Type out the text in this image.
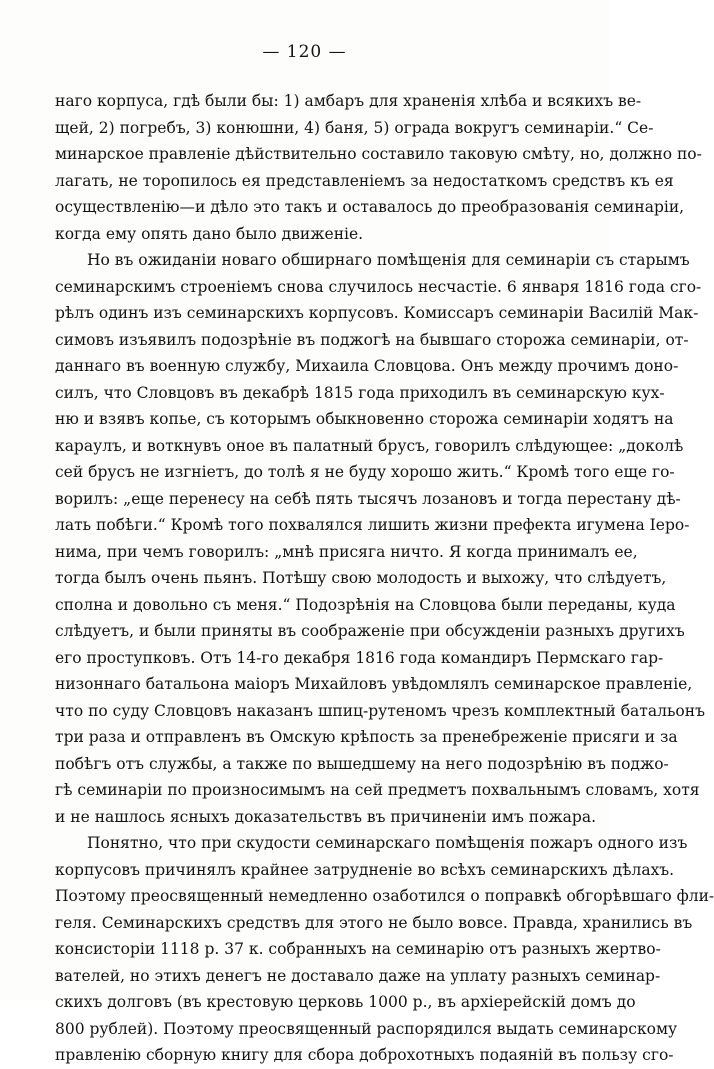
— 120 —
наго корпуса, гдѣ были бы: 1) амбаръ для храненія хлѣба и всякихъ ве-
щей, 2) погребъ, 3) конюшни, 4) баня, 5) ограда вокругъ семинаріи.“ Се-
минарское правленіе дѣйствительно составило таковую смѣту, но, должно по-
лагать, не торопилось ея представленіемъ за недостаткомъ средствъ къ ея
осуществленію—и дѣло это такъ и оставалось до преобразованія семинаріи,
когда ему опять дано было движеніе.
Но въ ожиданіи новаго обширнаго помѣщенія для семинаріи съ старымъ
семинарскимъ строеніемъ снова случилось несчастіе. 6 января 1816 года сго-
рѣлъ одинъ изъ семинарскихъ корпусовъ. Комиссаръ семинаріи Василій Мак-
симовъ изъявилъ подозрѣніе въ поджогѣ на бывшаго сторожа семинаріи, от-
даннаго въ военную службу, Михаила Словцова. Онъ между прочимъ доно-
силъ, что Словцовъ въ декабрѣ 1815 года приходилъ въ семинарскую кух-
ню и взявъ копье, съ которымъ обыкновенно сторожа семинаріи ходятъ на
караулъ, и воткнувъ оное въ палатный брусъ, говорилъ слѣдующее: „доколѣ
сей брусъ не изгніетъ, до толѣ я не буду хорошо жить.“ Кромѣ того еще го-
ворилъ: „еще перенесу на себѣ пять тысячъ лозановъ и тогда перестану дѣ-
лать побѣги.“ Кромѣ того похвалялся лишить жизни префекта игумена Іеро-
нима, при чемъ говорилъ: „мнѣ присяга ничто. Я когда принималъ ее,
тогда былъ очень пьянъ. Потѣшу свою молодость и выхожу, что слѣдуетъ,
сполна и довольно съ меня.“ Подозрѣнія на Словцова были переданы, куда
слѣдуетъ, и были приняты въ соображеніе при обсужденіи разныхъ другихъ
его проступковъ. Отъ 14-го декабря 1816 года командиръ Пермскаго гар-
низоннаго батальона маіоръ Михайловъ увѣдомлялъ семинарское правленіе,
что по суду Словцовъ наказанъ шпиц-рутеномъ чрезъ комплектный батальонъ
три раза и отправленъ въ Омскую крѣпость за пренебреженіе присяги и за
побѣгъ отъ службы, а также по вышедшему на него подозрѣнію въ поджо-
гѣ семинаріи по произносимымъ на сей предметъ похвальнымъ словамъ, хотя
и не нашлось ясныхъ доказательствъ въ причиненіи имъ пожара.
Понятно, что при скудости семинарскаго помѣщенія пожаръ одного изъ
корпусовъ причинялъ крайнее затрудненіе во всѣхъ семинарскихъ дѣлахъ.
Поэтому преосвященный немедленно озаботился о поправкѣ обгорѣвшаго фли-
геля. Семинарскихъ средствъ для этого не было вовсе. Правда, хранились въ
консисторіи 1118 р. 37 к. собранныхъ на семинарію отъ разныхъ жертво-
вателей, но этихъ денегъ не доставало даже на уплату разныхъ семинар-
скихъ долговъ (въ крестовую церковь 1000 р., въ архіерейскій домъ до
800 рублей). Поэтому преосвященный распорядился выдать семинарскому
правленію сборную книгу для сбора доброхотныхъ подаяній въ пользу сго-
